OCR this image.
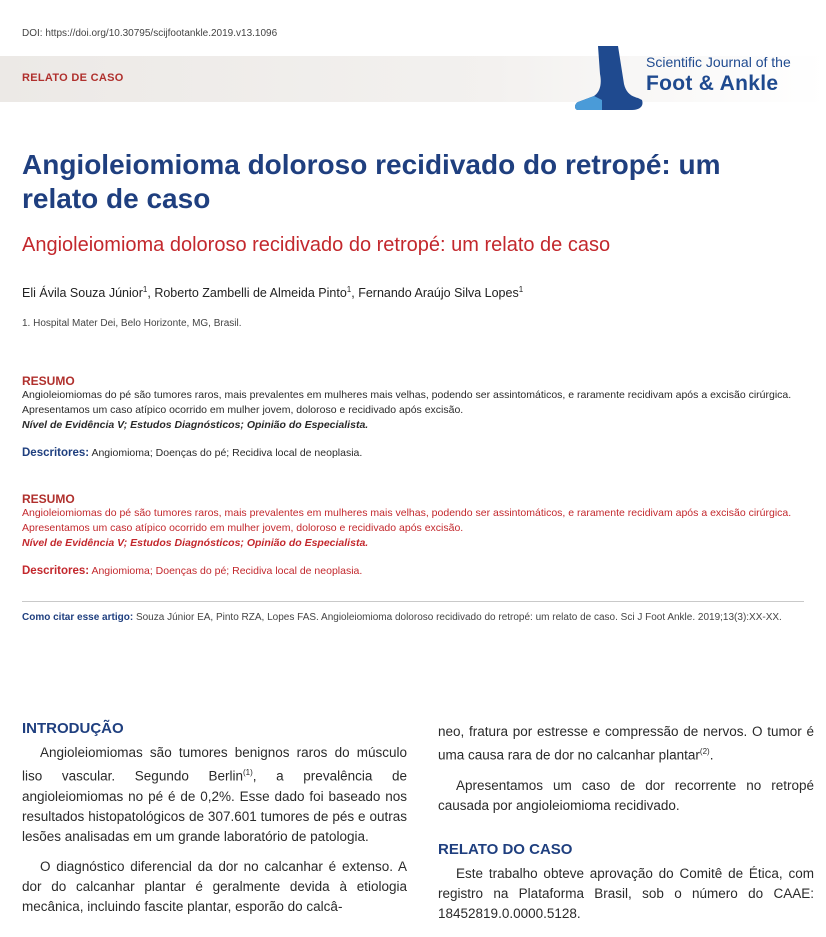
DOI: https://doi.org/10.30795/scijfootankle.2019.v13.1096
RELATO DE CASO
Scientific Journal of the
Foot & Ankle
Angioleiomioma doloroso recidivado do retropé: um relato de caso
Angioleiomioma doloroso recidivado do retropé: um relato de caso
Eli Ávila Souza Júnior$^1$, Roberto Zambelli de Almeida Pinto$^1$, Fernando Araújo Silva Lopes$^1$
1. Hospital Mater Dei, Belo Horizonte, MG, Brasil.
RESUMO
Angioleiomiomas do pé são tumores raros, mais prevalentes em mulheres mais velhas, podendo ser assintomáticos, e raramente recidivam após a excisão cirúrgica. Apresentamos um caso atípico ocorrido em mulher jovem, doloroso e recidivado após excisão.
Nível de Evidência V; Estudos Diagnósticos; Opinião do Especialista.
Descritores: Angiomioma; Doenças do pé; Recidiva local de neoplasia.
RESUMO
Angioleiomiomas do pé são tumores raros, mais prevalentes em mulheres mais velhas, podendo ser assintomáticos, e raramente recidivam após a excisão cirúrgica. Apresentamos um caso atípico ocorrido em mulher jovem, doloroso e recidivado após excisão.
Nível de Evidência V; Estudos Diagnósticos; Opinião do Especialista.
Descritores: Angiomioma; Doenças do pé; Recidiva local de neoplasia.
Como citar esse artigo: Souza Júnior EA, Pinto RZA, Lopes FAS. Angioleiomioma doloroso recidivado do retropé: um relato de caso. Sci J Foot Ankle. 2019;13(3):XX-XX.
INTRODUÇÃO

Angioleiomiomas são tumores benignos raros do músculo liso vascular. Segundo Berlin$^{(1)}$, a prevalência de angioleiomiomas no pé é de 0,2%. Esse dado foi baseado nos resultados histopatológicos de 307.601 tumores de pés e outras lesões analisadas em um grande laboratório de patologia.

O diagnóstico diferencial da dor no calcanhar é extenso. A dor do calcanhar plantar é geralmente devida à etiologia mecânica, incluindo fascite plantar, esporão do calcâ-

neo, fratura por estresse e compressão de nervos. O tumor é uma causa rara de dor no calcanhar plantar$^{(2)}$.

Apresentamos um caso de dor recorrente no retropé causada por angioleiomioma recidivado.

RELATO DO CASO

Este trabalho obteve aprovação do Comitê de Ética, com registro na Plataforma Brasil, sob o número do CAAE: 18452819.0.0000.5128.
